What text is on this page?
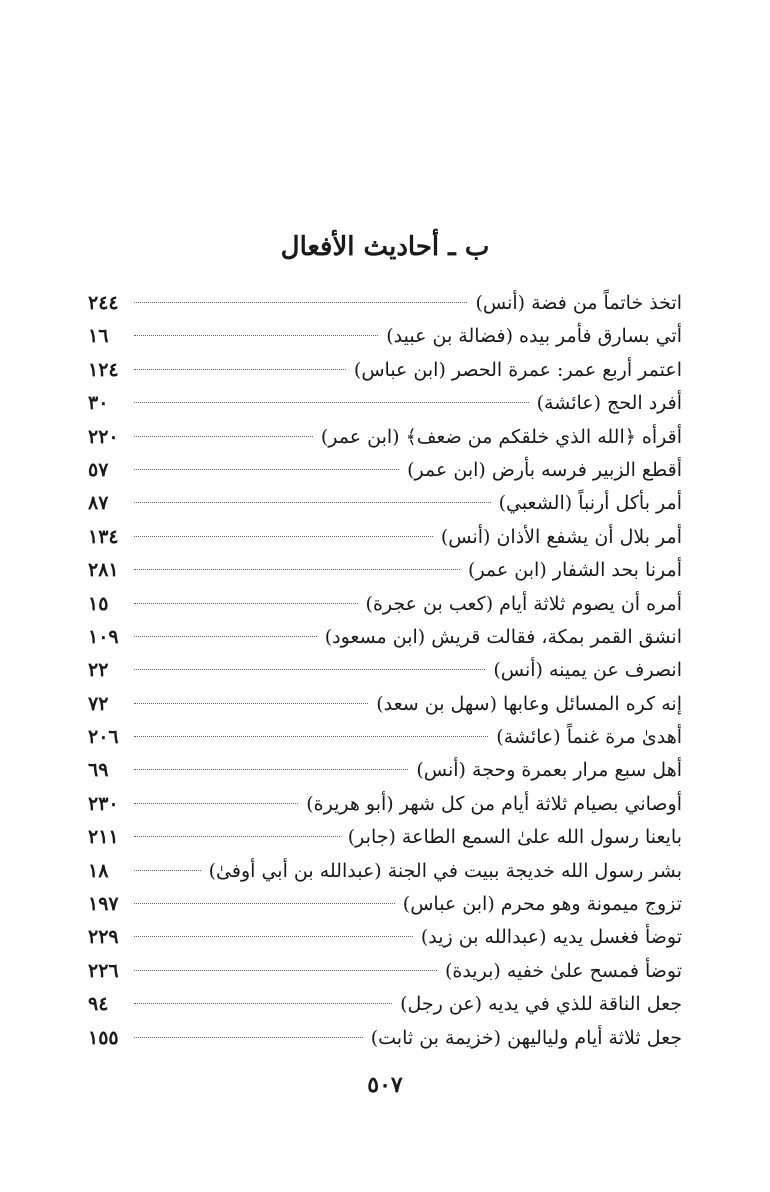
ب ـ أحاديث الأفعال
اتخذ خاتماً من فضة (أنس)
٢٤٤
أتي بسارق فأمر بيده (فضالة بن عبيد)
١٦
اعتمر أربع عمر: عمرة الحصر (ابن عباس)
١٢٤
أفرد الحج (عائشة)
٣٠
أقرأه ﴿الله الذي خلقكم من ضعف﴾ (ابن عمر)
٢٢٠
أقطع الزبير فرسه بأرض (ابن عمر)
٥٧
أمر بأكل أرنباً (الشعبي)
٨٧
أمر بلال أن يشفع الأذان (أنس)
١٣٤
أمرنا بحد الشفار (ابن عمر)
٢٨١
أمره أن يصوم ثلاثة أيام (كعب بن عجرة)
١٥
انشق القمر بمكة، فقالت قريش (ابن مسعود)
١٠٩
انصرف عن يمينه (أنس)
٢٢
إنه كره المسائل وعابها (سهل بن سعد)
٧٢
أهدىٰ مرة غنماً (عائشة)
٢٠٦
أهل سبع مرار بعمرة وحجة (أنس)
٦٩
أوصاني بصيام ثلاثة أيام من كل شهر (أبو هريرة)
٢٣٠
بايعنا رسول الله علىٰ السمع الطاعة (جابر)
٢١١
بشر رسول الله خديجة ببيت في الجنة (عبدالله بن أبي أوفىٰ)
١٨
تزوج ميمونة وهو محرم (ابن عباس)
١٩٧
توضأ فغسل يديه (عبدالله بن زيد)
٢٢٩
توضأ فمسح علىٰ خفيه (بريدة)
٢٢٦
جعل الناقة للذي في يديه (عن رجل)
٩٤
جعل ثلاثة أيام ولياليهن (خزيمة بن ثابت)
١٥٥
٥٠٧
